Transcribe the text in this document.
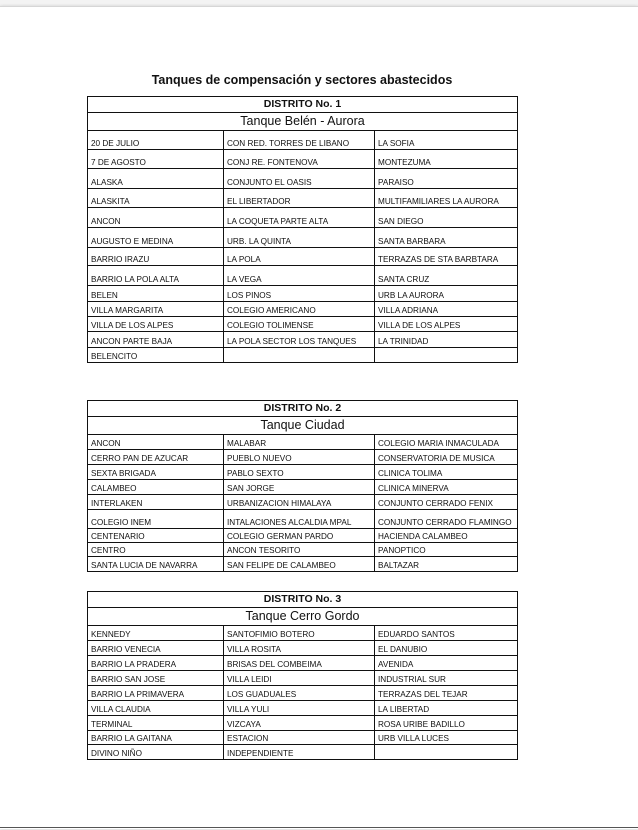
Tanques de compensación y sectores abastecidos
DISTRITO No. 1
Tanque Belén - Aurora
20 DE JULIO	CON RED. TORRES DE LIBANO	LA SOFIA
7 DE AGOSTO	CONJ RE. FONTENOVA	MONTEZUMA
ALASKA	CONJUNTO EL OASIS	PARAISO
ALASKITA	EL LIBERTADOR	MULTIFAMILIARES LA AURORA
ANCON	LA COQUETA PARTE ALTA	SAN DIEGO
AUGUSTO E MEDINA	URB. LA QUINTA	SANTA BARBARA
BARRIO IRAZU	LA POLA	TERRAZAS DE STA BARBTARA
BARRIO LA POLA ALTA	LA VEGA	SANTA CRUZ
BELEN	LOS PINOS	URB LA AURORA
VILLA MARGARITA	COLEGIO AMERICANO	VILLA ADRIANA
VILLA DE LOS ALPES	COLEGIO TOLIMENSE	VILLA DE LOS ALPES
ANCON PARTE BAJA	LA POLA SECTOR LOS TANQUES	LA TRINIDAD
BELENCITO
DISTRITO No. 2
Tanque Ciudad
ANCON	MALABAR	COLEGIO MARIA INMACULADA
CERRO PAN DE AZUCAR	PUEBLO NUEVO	CONSERVATORIA DE MUSICA
SEXTA BRIGADA	PABLO SEXTO	CLINICA TOLIMA
CALAMBEO	SAN JORGE	CLINICA MINERVA
INTERLAKEN	URBANIZACION HIMALAYA	CONJUNTO CERRADO FENIX
COLEGIO INEM	INTALACIONES ALCALDIA MPAL	CONJUNTO CERRADO FLAMINGO
CENTENARIO	COLEGIO GERMAN PARDO	HACIENDA CALAMBEO
CENTRO	ANCON TESORITO	PANOPTICO
SANTA LUCIA DE NAVARRA	SAN FELIPE DE CALAMBEO	BALTAZAR
DISTRITO No. 3
Tanque Cerro Gordo
KENNEDY	SANTOFIMIO BOTERO	EDUARDO SANTOS
BARRIO VENECIA	VILLA ROSITA	EL DANUBIO
BARRIO LA PRADERA	BRISAS DEL COMBEIMA	AVENIDA
BARRIO SAN JOSE	VILLA LEIDI	INDUSTRIAL SUR
BARRIO LA PRIMAVERA	LOS GUADUALES	TERRAZAS DEL TEJAR
VILLA CLAUDIA	VILLA YULI	LA LIBERTAD
TERMINAL	VIZCAYA	ROSA URIBE BADILLO
BARRIO LA GAITANA	ESTACION	URB VILLA LUCES
DIVINO NIÑO	INDEPENDIENTE
